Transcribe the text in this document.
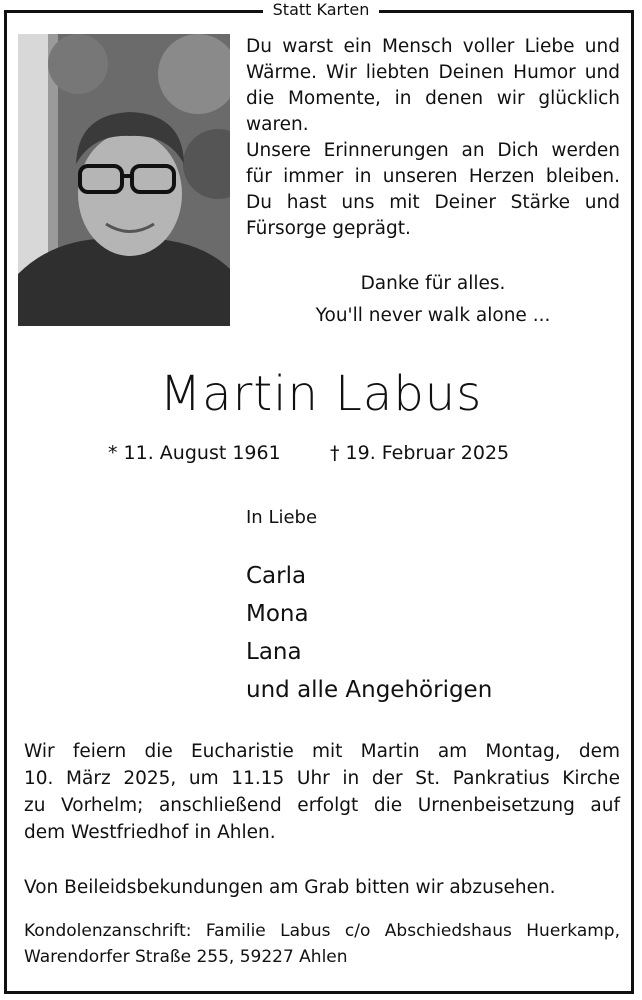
Statt Karten
Du warst ein Mensch voller Liebe und
Wärme. Wir liebten Deinen Humor und
die Momente, in denen wir glücklich
waren.
Unsere Erinnerungen an Dich werden
für immer in unseren Herzen bleiben.
Du hast uns mit Deiner Stärke und
Fürsorge geprägt.
Danke für alles.
You'll never walk alone ...
Martin Labus
* 11. August 1961	† 19. Februar 2025
In Liebe
Carla
Mona
Lana
und alle Angehörigen
Wir feiern die Eucharistie mit Martin am Montag, dem
10. März 2025, um 11.15 Uhr in der St. Pankratius Kirche
zu Vorhelm; anschließend erfolgt die Urnenbeisetzung auf
dem Westfriedhof in Ahlen.
Von Beileidsbekundungen am Grab bitten wir abzusehen.
Kondolenzanschrift: Familie Labus c/o Abschiedshaus Huerkamp,
Warendorfer Straße 255, 59227 Ahlen
